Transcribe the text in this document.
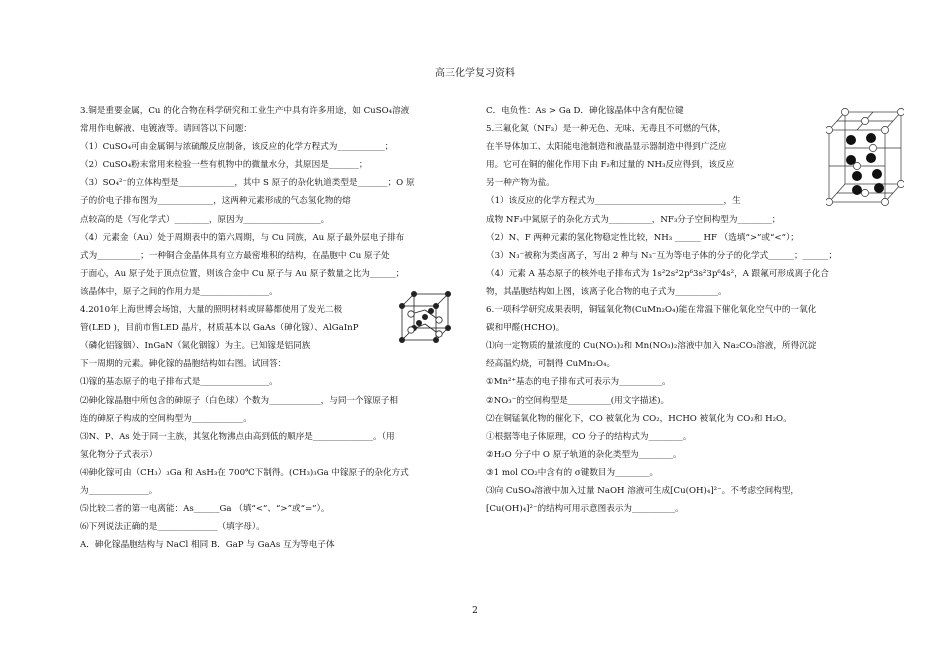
高三化学复习资料
3.铜是重要金属，Cu 的化合物在科学研究和工业生产中具有许多用途，如 CuSO₄溶液
常用作电解液、电镀液等。请回答以下问题：
（1）CuSO₄可由金属铜与浓硫酸反应制备，该反应的化学方程式为___________；
（2）CuSO₄粉末常用来检验一些有机物中的微量水分，其原因是_______；
（3）SO₄²⁻的立体构型是_____________，其中 S 原子的杂化轨道类型是_______；O 原
子的价电子排布图为_____________，这两种元素形成的气态氢化物的熔
点较高的是（写化学式）________，原因为__________________。
（4）元素金（Au）处于周期表中的第六周期，与 Cu 同族，Au 原子最外层电子排布
式为__________；一种铜合金晶体具有立方最密堆积的结构，在晶胞中 Cu 原子处
于面心，Au 原子处于顶点位置，则该合金中 Cu 原子与 Au 原子数量之比为______；
该晶体中，原子之间的作用力是________________。
4.2010年上海世博会场馆，大量的照明材料或屏幕都使用了发光二极
管(LED )，目前市售LED 晶片，材质基本以 GaAs（砷化镓）、AlGaInP
（磷化铝镓铟）、InGaN（氮化铟镓）为主。已知镓是铝同族
下一周期的元素。砷化镓的晶胞结构如右图。试回答：
⑴镓的基态原子的电子排布式是________________。
⑵砷化镓晶胞中所包含的砷原子（白色球）个数为____________，与同一个镓原子相
连的砷原子构成的空间构型为____________。
⑶N、P、As 处于同一主族，其氢化物沸点由高到低的顺序是______________。（用
氢化物分子式表示）
⑷砷化镓可由（CH₃）₃Ga 和 AsH₃在 700℃下制得。(CH₃)₃Ga 中镓原子的杂化方式
为______________。
⑸比较二者的第一电离能：As______Ga （填“<”、“>”或“=”）。
⑹下列说法正确的是______________（填字母）。
A．砷化镓晶胞结构与 NaCl 相同 B．GaP 与 GaAs 互为等电子体
C．电负性：As > Ga D．砷化镓晶体中含有配位键
5.三氟化氮（NF₃）是一种无色、无味、无毒且不可燃的气体，
在半导体加工、太阳能电池制造和液晶显示器制造中得到广泛应
用。它可在铜的催化作用下由 F₂和过量的 NH₃反应得到，该反应
另一种产物为盐。
（1）该反应的化学方程式为______________________________，生
成物 NF₃中氮原子的杂化方式为__________，NF₃分子空间构型为________；
（2）N、F 两种元素的氢化物稳定性比较，NH₃ ______ HF （选填“>”或“<”）；
（3）N₃⁻被称为类卤离子，写出 2 种与 N₃⁻互为等电子体的分子的化学式______；______；
（4）元素 A 基态原子的核外电子排布式为 1s²2s²2p⁶3s²3p⁶4s²，A 跟氟可形成离子化合
物，其晶胞结构如上图，该离子化合物的电子式为__________。
6.一项科学研究成果表明，铜锰氧化物(CuMn₂O₄)能在常温下催化氧化空气中的一氧化
碳和甲醛(HCHO)。
⑴向一定物质的量浓度的 Cu(NO₃)₂和 Mn(NO₃)₂溶液中加入 Na₂CO₃溶液，所得沉淀
经高温灼烧，可制得 CuMn₂O₄。
①Mn²⁺基态的电子排布式可表示为__________。
②NO₃⁻的空间构型是__________(用文字描述)。
⑵在铜锰氧化物的催化下，CO 被氧化为 CO₂，HCHO 被氧化为 CO₂和 H₂O。
①根据等电子体原理，CO 分子的结构式为________。
②H₂O 分子中 O 原子轨道的杂化类型为________。
③1 mol CO₂中含有的 σ键数目为________。
⑶向 CuSO₄溶液中加入过量 NaOH 溶液可生成[Cu(OH)₄]²⁻。不考虑空间构型，
[Cu(OH)₄]²⁻的结构可用示意图表示为__________。
2
